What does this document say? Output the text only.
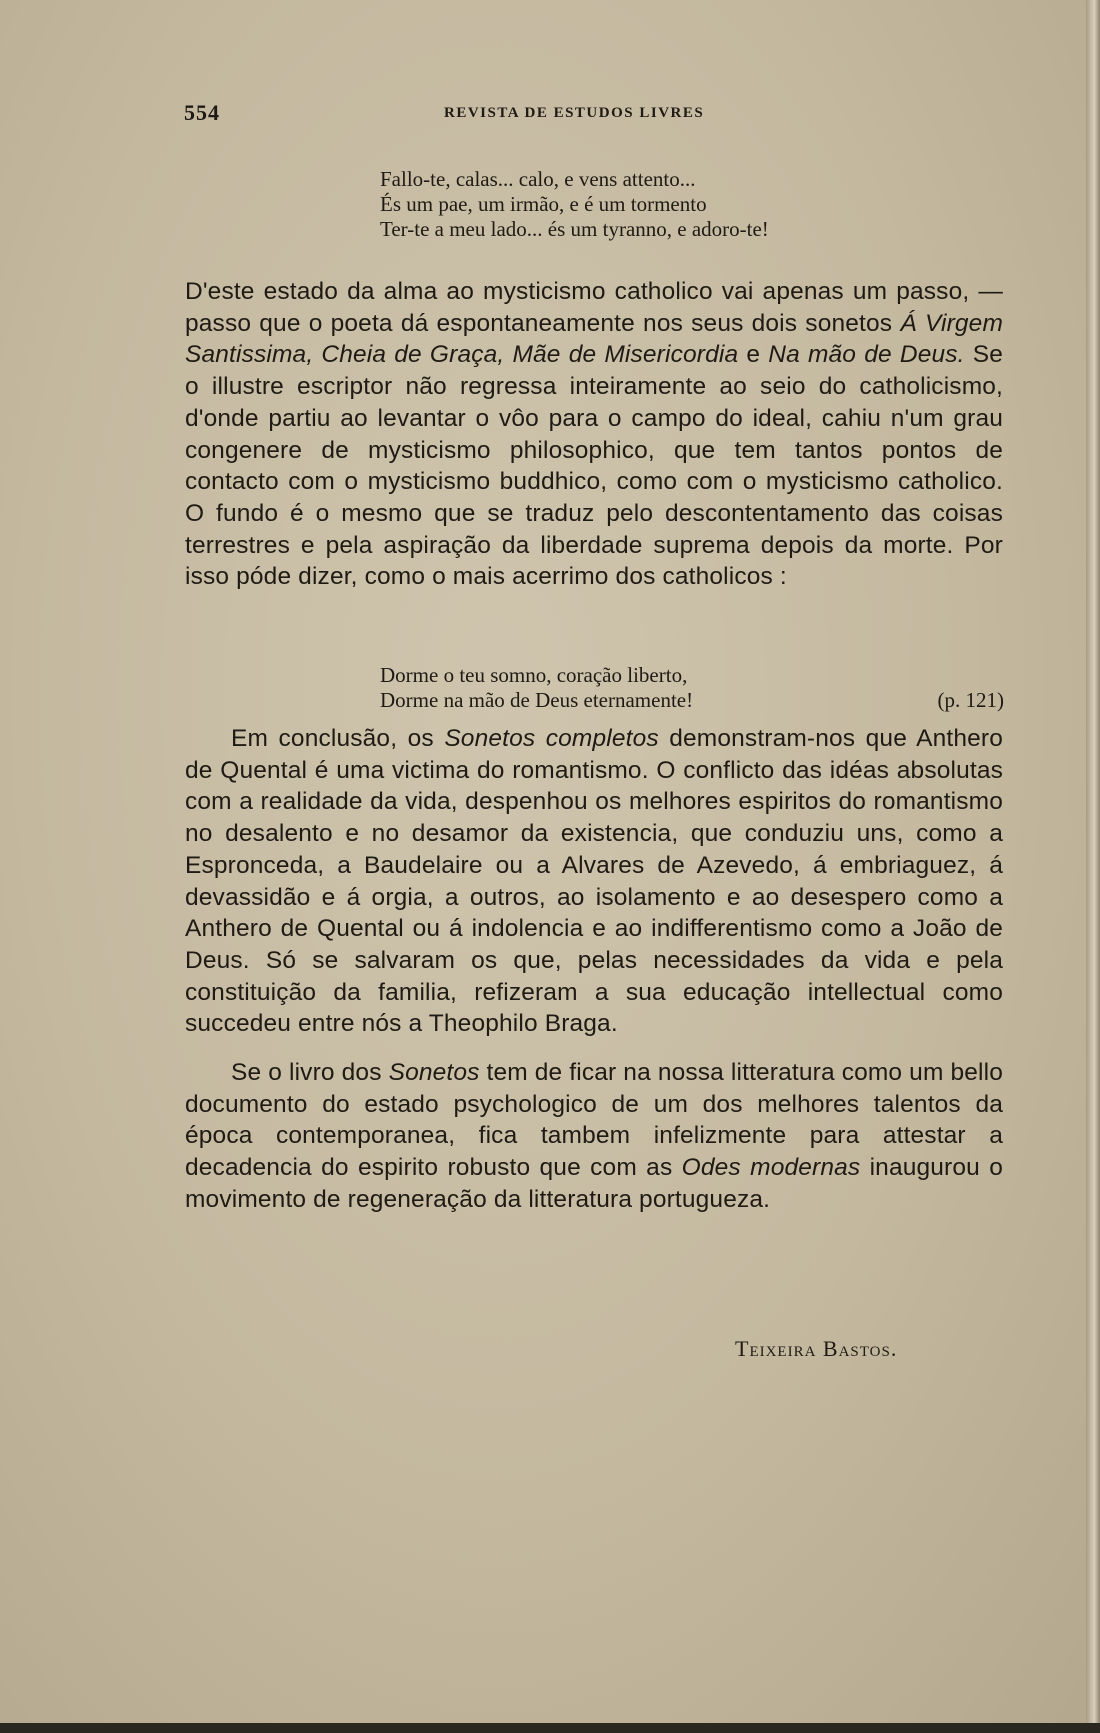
554	REVISTA DE ESTUDOS LIVRES
Fallo-te, calas... calo, e vens attento...
És um pae, um irmão, e é um tormento
Ter-te a meu lado... és um tyranno, e adoro-te!

D'este estado da alma ao mysticismo catholico vai apenas um passo, — passo que o poeta dá espontaneamente nos seus dois sonetos Á Virgem Santissima, Cheia de Graça, Mãe de Misericordia e Na mão de Deus. Se o illustre escriptor não regressa inteiramente ao seio do catholicismo, d'onde partiu ao levantar o vôo para o campo do ideal, cahiu n'um grau congenere de mysticismo philosophico, que tem tantos pontos de contacto com o mysticismo buddhico, como com o mysticismo catholico. O fundo é o mesmo que se traduz pelo descontentamento das coisas terrestres e pela aspiração da liberdade suprema depois da morte. Por isso póde dizer, como o mais acerrimo dos catholicos :

Dorme o teu somno, coração liberto,
Dorme na mão de Deus eternamente!	(p. 121)

Em conclusão, os Sonetos completos demonstram-nos que Anthero de Quental é uma victima do romantismo. O conflicto das idéas absolutas com a realidade da vida, despenhou os melhores espiritos do romantismo no desalento e no desamor da existencia, que conduziu uns, como a Espronceda, a Baudelaire ou a Alvares de Azevedo, á embriaguez, á devassidão e á orgia, a outros, ao isolamento e ao desespero como a Anthero de Quental ou á indolencia e ao indifferentismo como a João de Deus. Só se salvaram os que, pelas necessidades da vida e pela constituição da familia, refizeram a sua educação intellectual como succedeu entre nós a Theophilo Braga.

Se o livro dos Sonetos tem de ficar na nossa litteratura como um bello documento do estado psychologico de um dos melhores talentos da época contemporanea, fica tambem infelizmente para attestar a decadencia do espirito robusto que com as Odes modernas inaugurou o movimento de regeneração da litteratura portugueza.

Teixeira Bastos.
